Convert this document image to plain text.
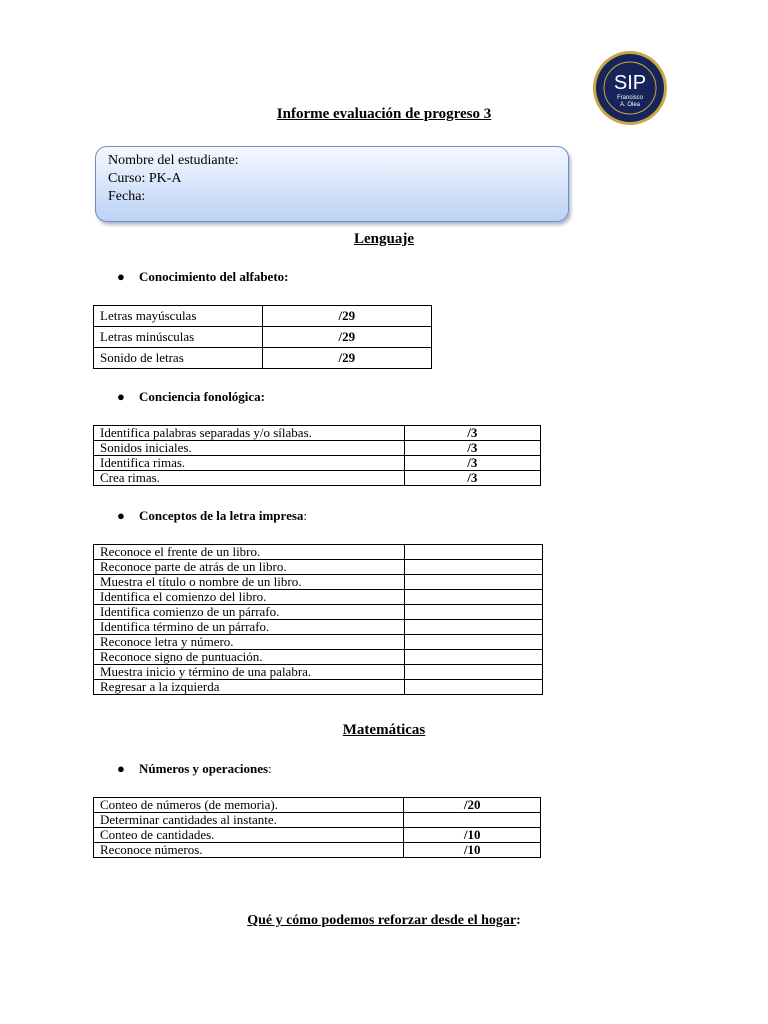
SIP
Francisco
A. Olea
Informe evaluación de progreso 3
Nombre del estudiante:
Curso: PK-A
Fecha:
Lenguaje
● Conocimiento del alfabeto:
Letras mayúsculas	/29
Letras minúsculas	/29
Sonido de letras	/29
● Conciencia fonológica:
Identifica palabras separadas y/o sílabas.	/3
Sonidos iniciales.	/3
Identifica rimas.	/3
Crea rimas.	/3
● Conceptos de la letra impresa:
Reconoce el frente de un libro.	
Reconoce parte de atrás de un libro.	
Muestra el título o nombre de un libro.	
Identifica el comienzo del libro.	
Identifica comienzo de un párrafo.	
Identifica término de un párrafo.	
Reconoce letra y número.	
Reconoce signo de puntuación.	
Muestra inicio y término de una palabra.	
Regresar a la izquierda	
Matemáticas
● Números y operaciones:
Conteo de números (de memoria).	/20
Determinar cantidades al instante.	
Conteo de cantidades.	/10
Reconoce números.	/10
Qué y cómo podemos reforzar desde el hogar:
